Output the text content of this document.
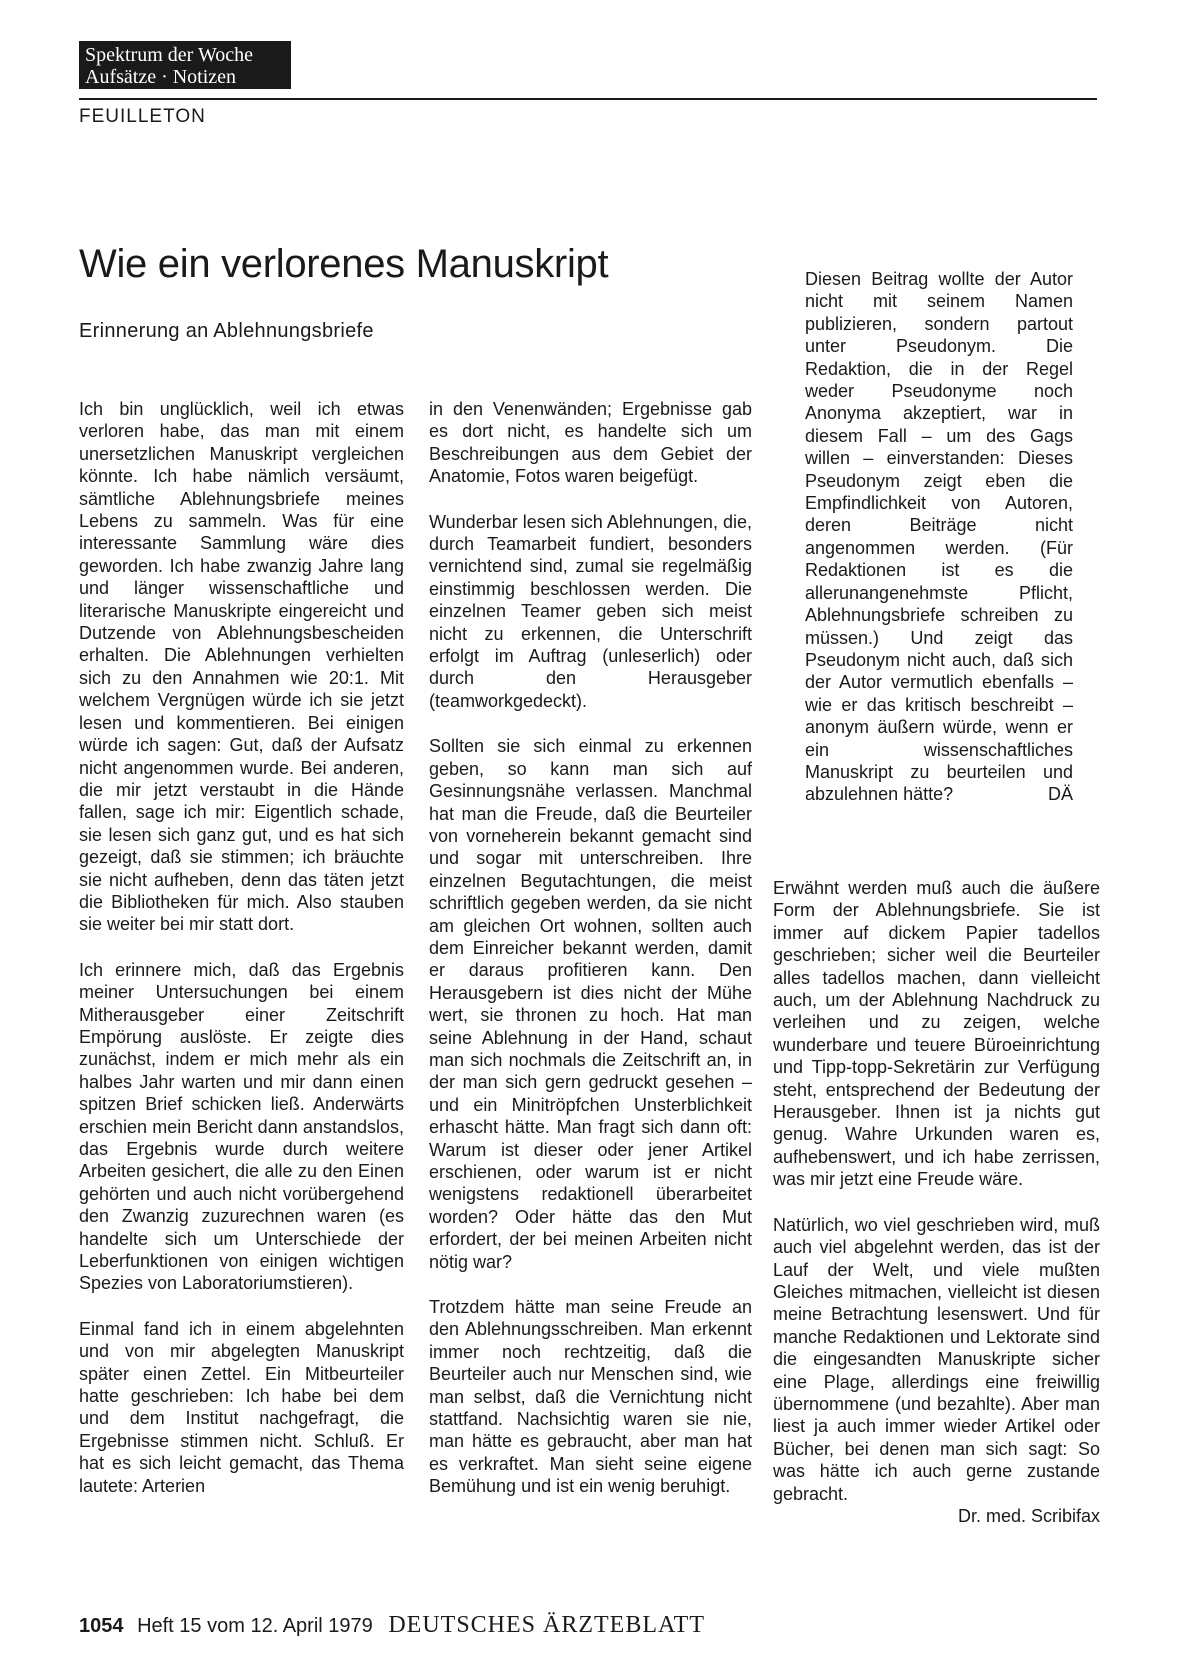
Spektrum der Woche
Aufsätze · Notizen
FEUILLETON
Wie ein verlorenes Manuskript
Erinnerung an Ablehnungsbriefe

Ich bin unglücklich, weil ich etwas verloren habe, das man mit einem unersetzlichen Manuskript vergleichen könnte. Ich habe nämlich versäumt, sämtliche Ablehnungsbriefe meines Lebens zu sammeln. Was für eine interessante Sammlung wäre dies geworden. Ich habe zwanzig Jahre lang und länger wissenschaftliche und literarische Manuskripte eingereicht und Dutzende von Ablehnungsbescheiden erhalten. Die Ablehnungen verhielten sich zu den Annahmen wie 20:1. Mit welchem Vergnügen würde ich sie jetzt lesen und kommentieren. Bei einigen würde ich sagen: Gut, daß der Aufsatz nicht angenommen wurde. Bei anderen, die mir jetzt verstaubt in die Hände fallen, sage ich mir: Eigentlich schade, sie lesen sich ganz gut, und es hat sich gezeigt, daß sie stimmen; ich bräuchte sie nicht aufheben, denn das täten jetzt die Bibliotheken für mich. Also stauben sie weiter bei mir statt dort.

Ich erinnere mich, daß das Ergebnis meiner Untersuchungen bei einem Mitherausgeber einer Zeitschrift Empörung auslöste. Er zeigte dies zunächst, indem er mich mehr als ein halbes Jahr warten und mir dann einen spitzen Brief schicken ließ. Anderwärts erschien mein Bericht dann anstandslos, das Ergebnis wurde durch weitere Arbeiten gesichert, die alle zu den Einen gehörten und auch nicht vorübergehend den Zwanzig zuzurechnen waren (es handelte sich um Unterschiede der Leberfunktionen von einigen wichtigen Spezies von Laboratoriumstieren).

Einmal fand ich in einem abgelehnten und von mir abgelegten Manuskript später einen Zettel. Ein Mitbeurteiler hatte geschrieben: Ich habe bei dem und dem Institut nachgefragt, die Ergebnisse stimmen nicht. Schluß. Er hat es sich leicht gemacht, das Thema lautete: Arterien

in den Venenwänden; Ergebnisse gab es dort nicht, es handelte sich um Beschreibungen aus dem Gebiet der Anatomie, Fotos waren beigefügt.

Wunderbar lesen sich Ablehnungen, die, durch Teamarbeit fundiert, besonders vernichtend sind, zumal sie regelmäßig einstimmig beschlossen werden. Die einzelnen Teamer geben sich meist nicht zu erkennen, die Unterschrift erfolgt im Auftrag (unleserlich) oder durch den Herausgeber (teamworkgedeckt).

Sollten sie sich einmal zu erkennen geben, so kann man sich auf Gesinnungsnähe verlassen. Manchmal hat man die Freude, daß die Beurteiler von vorneherein bekannt gemacht sind und sogar mit unterschreiben. Ihre einzelnen Begutachtungen, die meist schriftlich gegeben werden, da sie nicht am gleichen Ort wohnen, sollten auch dem Einreicher bekannt werden, damit er daraus profitieren kann. Den Herausgebern ist dies nicht der Mühe wert, sie thronen zu hoch. Hat man seine Ablehnung in der Hand, schaut man sich nochmals die Zeitschrift an, in der man sich gern gedruckt gesehen – und ein Minitröpfchen Unsterblichkeit erhascht hätte. Man fragt sich dann oft: Warum ist dieser oder jener Artikel erschienen, oder warum ist er nicht wenigstens redaktionell überarbeitet worden? Oder hätte das den Mut erfordert, der bei meinen Arbeiten nicht nötig war?

Trotzdem hätte man seine Freude an den Ablehnungsschreiben. Man erkennt immer noch rechtzeitig, daß die Beurteiler auch nur Menschen sind, wie man selbst, daß die Vernichtung nicht stattfand. Nachsichtig waren sie nie, man hätte es gebraucht, aber man hat es verkraftet. Man sieht seine eigene Bemühung und ist ein wenig beruhigt.

Diesen Beitrag wollte der Autor nicht mit seinem Namen publizieren, sondern partout unter Pseudonym. Die Redaktion, die in der Regel weder Pseudonyme noch Anonyma akzeptiert, war in diesem Fall – um des Gags willen – einverstanden: Dieses Pseudonym zeigt eben die Empfindlichkeit von Autoren, deren Beiträge nicht angenommen werden. (Für Redaktionen ist es die allerunangenehmste Pflicht, Ablehnungsbriefe schreiben zu müssen.) Und zeigt das Pseudonym nicht auch, daß sich der Autor vermutlich ebenfalls – wie er das kritisch beschreibt – anonym äußern würde, wenn er ein wissenschaftliches Manuskript zu beurteilen und abzulehnen hätte?	DÄ

Erwähnt werden muß auch die äußere Form der Ablehnungsbriefe. Sie ist immer auf dickem Papier tadellos geschrieben; sicher weil die Beurteiler alles tadellos machen, dann vielleicht auch, um der Ablehnung Nachdruck zu verleihen und zu zeigen, welche wunderbare und teuere Büroeinrichtung und Tipp-topp-Sekretärin zur Verfügung steht, entsprechend der Bedeutung der Herausgeber. Ihnen ist ja nichts gut genug. Wahre Urkunden waren es, aufhebenswert, und ich habe zerrissen, was mir jetzt eine Freude wäre.

Natürlich, wo viel geschrieben wird, muß auch viel abgelehnt werden, das ist der Lauf der Welt, und viele mußten Gleiches mitmachen, vielleicht ist diesen meine Betrachtung lesenswert. Und für manche Redaktionen und Lektorate sind die eingesandten Manuskripte sicher eine Plage, allerdings eine freiwillig übernommene (und bezahlte). Aber man liest ja auch immer wieder Artikel oder Bücher, bei denen man sich sagt: So was hätte ich auch gerne zustande gebracht.

Dr. med. Scribifax
1054 Heft 15 vom 12. April 1979 DEUTSCHES ÄRZTEBLATT
